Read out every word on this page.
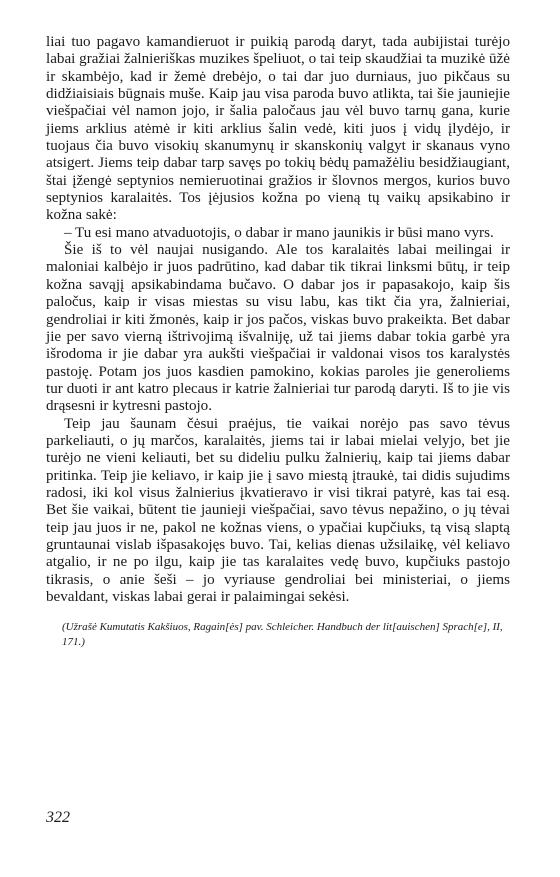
liai tuo pagavo kamandieruot ir puikią parodą daryt, tada aubijistai turėjo labai gražiai žalnieriškas muzikes špeliuot, o tai teip skaudžiai ta muzikė ūžė ir skambėjo, kad ir žemė drebėjo, o tai dar juo durniaus, juo pikčaus su didžiaisiais būgnais muše. Kaip jau visa paroda buvo atlikta, tai šie jauniejie viešpačiai vėl namon jojo, ir šalia paločaus jau vėl buvo tarnų gana, kurie jiems arklius atėmė ir kiti arklius šalin vedė, kiti juos į vidų įlydėjo, ir tuojaus čia buvo visokių skanumynų ir skanskonių valgyt ir skanaus vyno atsigert. Jiems teip dabar tarp savęs po tokių bėdų pamažėliu besidžiaugiant, štai įžengė septynios nemieruotinai gražios ir šlovnos mergos, kurios buvo septynios karalaitės. Tos įėjusios kožna po vieną tų vaikų apsikabino ir kožna sakė:

– Tu esi mano atvaduotojis, o dabar ir mano jaunikis ir būsi mano vyrs.

Šie iš to vėl naujai nusigando. Ale tos karalaitės labai meilingai ir maloniai kalbėjo ir juos padrūtino, kad dabar tik tikrai linksmi būtų, ir teip kožna savąjį apsikabindama bučavo. O dabar jos ir papasakojo, kaip šis paločus, kaip ir visas miestas su visu labu, kas tikt čia yra, žalnieriai, gendroliai ir kiti žmonės, kaip ir jos pačos, viskas buvo prakeikta. Bet dabar jie per savo vierną ištrivojimą išvalniję, už tai jiems dabar tokia garbė yra išrodoma ir jie dabar yra aukšti viešpačiai ir valdonai visos tos karalystės pastoję. Potam jos juos kasdien pamokino, kokias paroles jie generoliems tur duoti ir ant katro plecaus ir katrie žalnieriai tur parodą daryti. Iš to jie vis drąsesni ir kytresni pastojo.

Teip jau šaunam čėsui praėjus, tie vaikai norėjo pas savo tėvus parkeliauti, o jų marčos, karalaitės, jiems tai ir labai mielai velyjo, bet jie turėjo ne vieni keliauti, bet su dideliu pulku žalnierių, kaip tai jiems dabar pritinka. Teip jie keliavo, ir kaip jie į savo miestą įtraukė, tai didis sujudims radosi, iki kol visus žalnierius įkvatieravo ir visi tikrai patyrė, kas tai esą. Bet šie vaikai, būtent tie jaunieji viešpačiai, savo tėvus nepažino, o jų tėvai teip jau juos ir ne, pakol ne kožnas viens, o ypačiai kupčiuks, tą visą slaptą gruntaunai vislab išpasakojęs buvo. Tai, kelias dienas užsilaikę, vėl keliavo atgalio, ir ne po ilgu, kaip jie tas karalaites vedę buvo, kupčiuks pastojo tikrasis, o anie šeši – jo vyriause gendroliai bei ministeriai, o jiems bevaldant, viskas labai gerai ir palaimingai sekėsi.

(Užrašė Kumutatis Kakšiuos, Ragain[ės] pav. Schleicher. Handbuch der lit[auischen] Sprach[e], II, 171.)

322
